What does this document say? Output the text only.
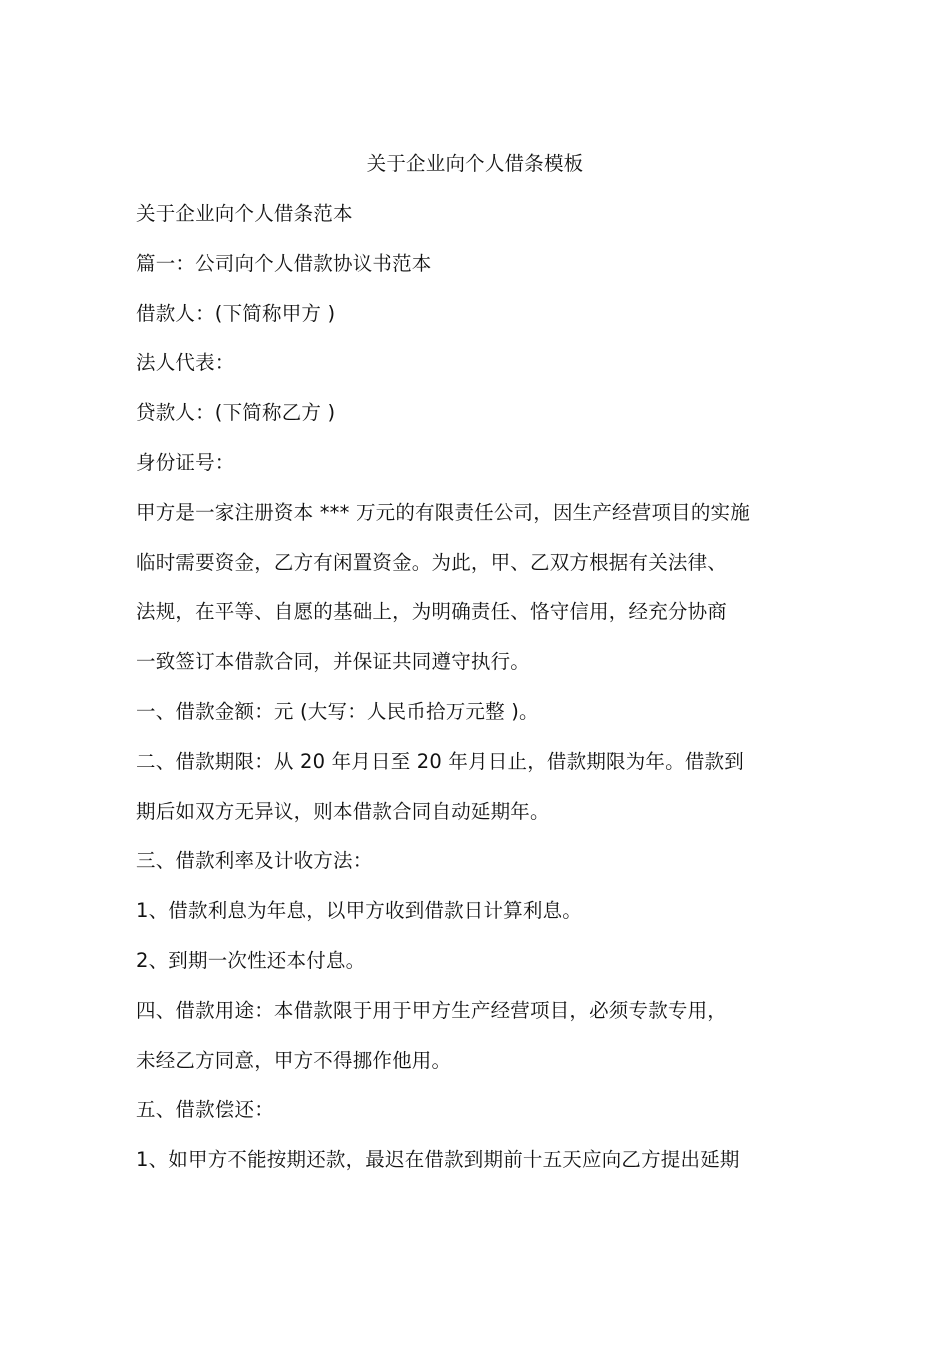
关于企业向个人借条模板
关于企业向个人借条范本
篇一：公司向个人借款协议书范本
借款人：(下简称甲方 )
法人代表：
贷款人：(下简称乙方 )
身份证号：
甲方是一家注册资本 *** 万元的有限责任公司，因生产经营项目的实施
临时需要资金，乙方有闲置资金。为此，甲、乙双方根据有关法律、
法规，在平等、自愿的基础上，为明确责任、恪守信用，经充分协商
一致签订本借款合同，并保证共同遵守执行。
一、借款金额：元 (大写：人民币拾万元整 )。
二、借款期限：从 20 年月日至 20 年月日止，借款期限为年。借款到
期后如双方无异议，则本借款合同自动延期年。
三、借款利率及计收方法：
1、借款利息为年息，以甲方收到借款日计算利息。
2、到期一次性还本付息。
四、借款用途：本借款限于用于甲方生产经营项目，必须专款专用，
未经乙方同意，甲方不得挪作他用。
五、借款偿还：
1、如甲方不能按期还款，最迟在借款到期前十五天应向乙方提出延期
